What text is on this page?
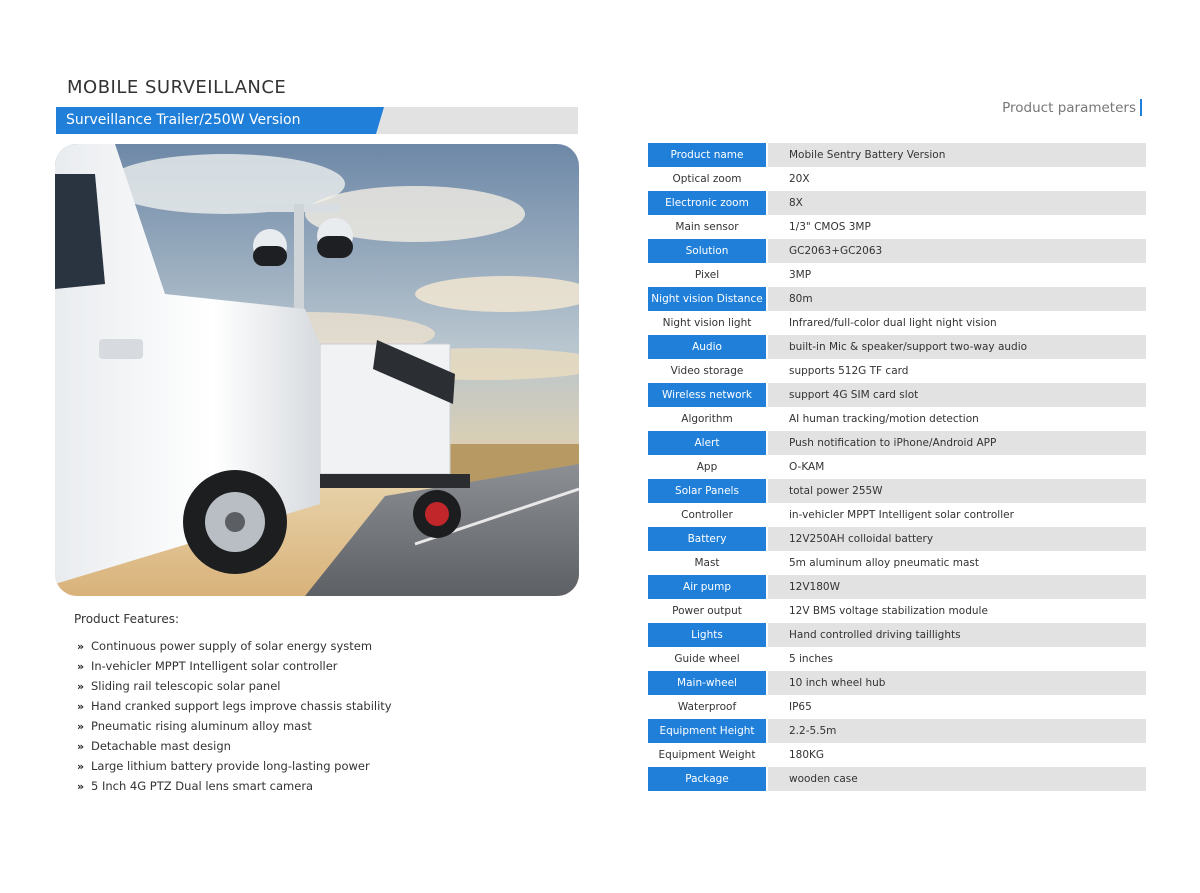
MOBILE SURVEILLANCE
Surveillance Trailer/250W Version
Product Features:
» Continuous power supply of solar energy system
» In-vehicler MPPT Intelligent solar controller
» Sliding rail telescopic solar panel
» Hand cranked support legs improve chassis stability
» Pneumatic rising aluminum alloy mast
» Detachable mast design
» Large lithium battery provide long-lasting power
» 5 Inch 4G PTZ Dual lens smart camera
Product parameters
Product name	Mobile Sentry Battery Version
Optical zoom	20X
Electronic zoom	8X
Main sensor	1/3" CMOS 3MP
Solution	GC2063+GC2063
Pixel	3MP
Night vision Distance	80m
Night vision light	Infrared/full-color dual light night vision
Audio	built-in Mic & speaker/support two-way audio
Video storage	supports 512G TF card
Wireless network	support 4G SIM card slot
Algorithm	AI human tracking/motion detection
Alert	Push notification to iPhone/Android APP
App	O-KAM
Solar Panels	total power 255W
Controller	in-vehicler MPPT Intelligent solar controller
Battery	12V250AH colloidal battery
Mast	5m aluminum alloy pneumatic mast
Air pump	12V180W
Power output	12V BMS voltage stabilization module
Lights	Hand controlled driving taillights
Guide wheel	5 inches
Main-wheel	10 inch wheel hub
Waterproof	IP65
Equipment Height	2.2-5.5m
Equipment Weight	180KG
Package	wooden case
